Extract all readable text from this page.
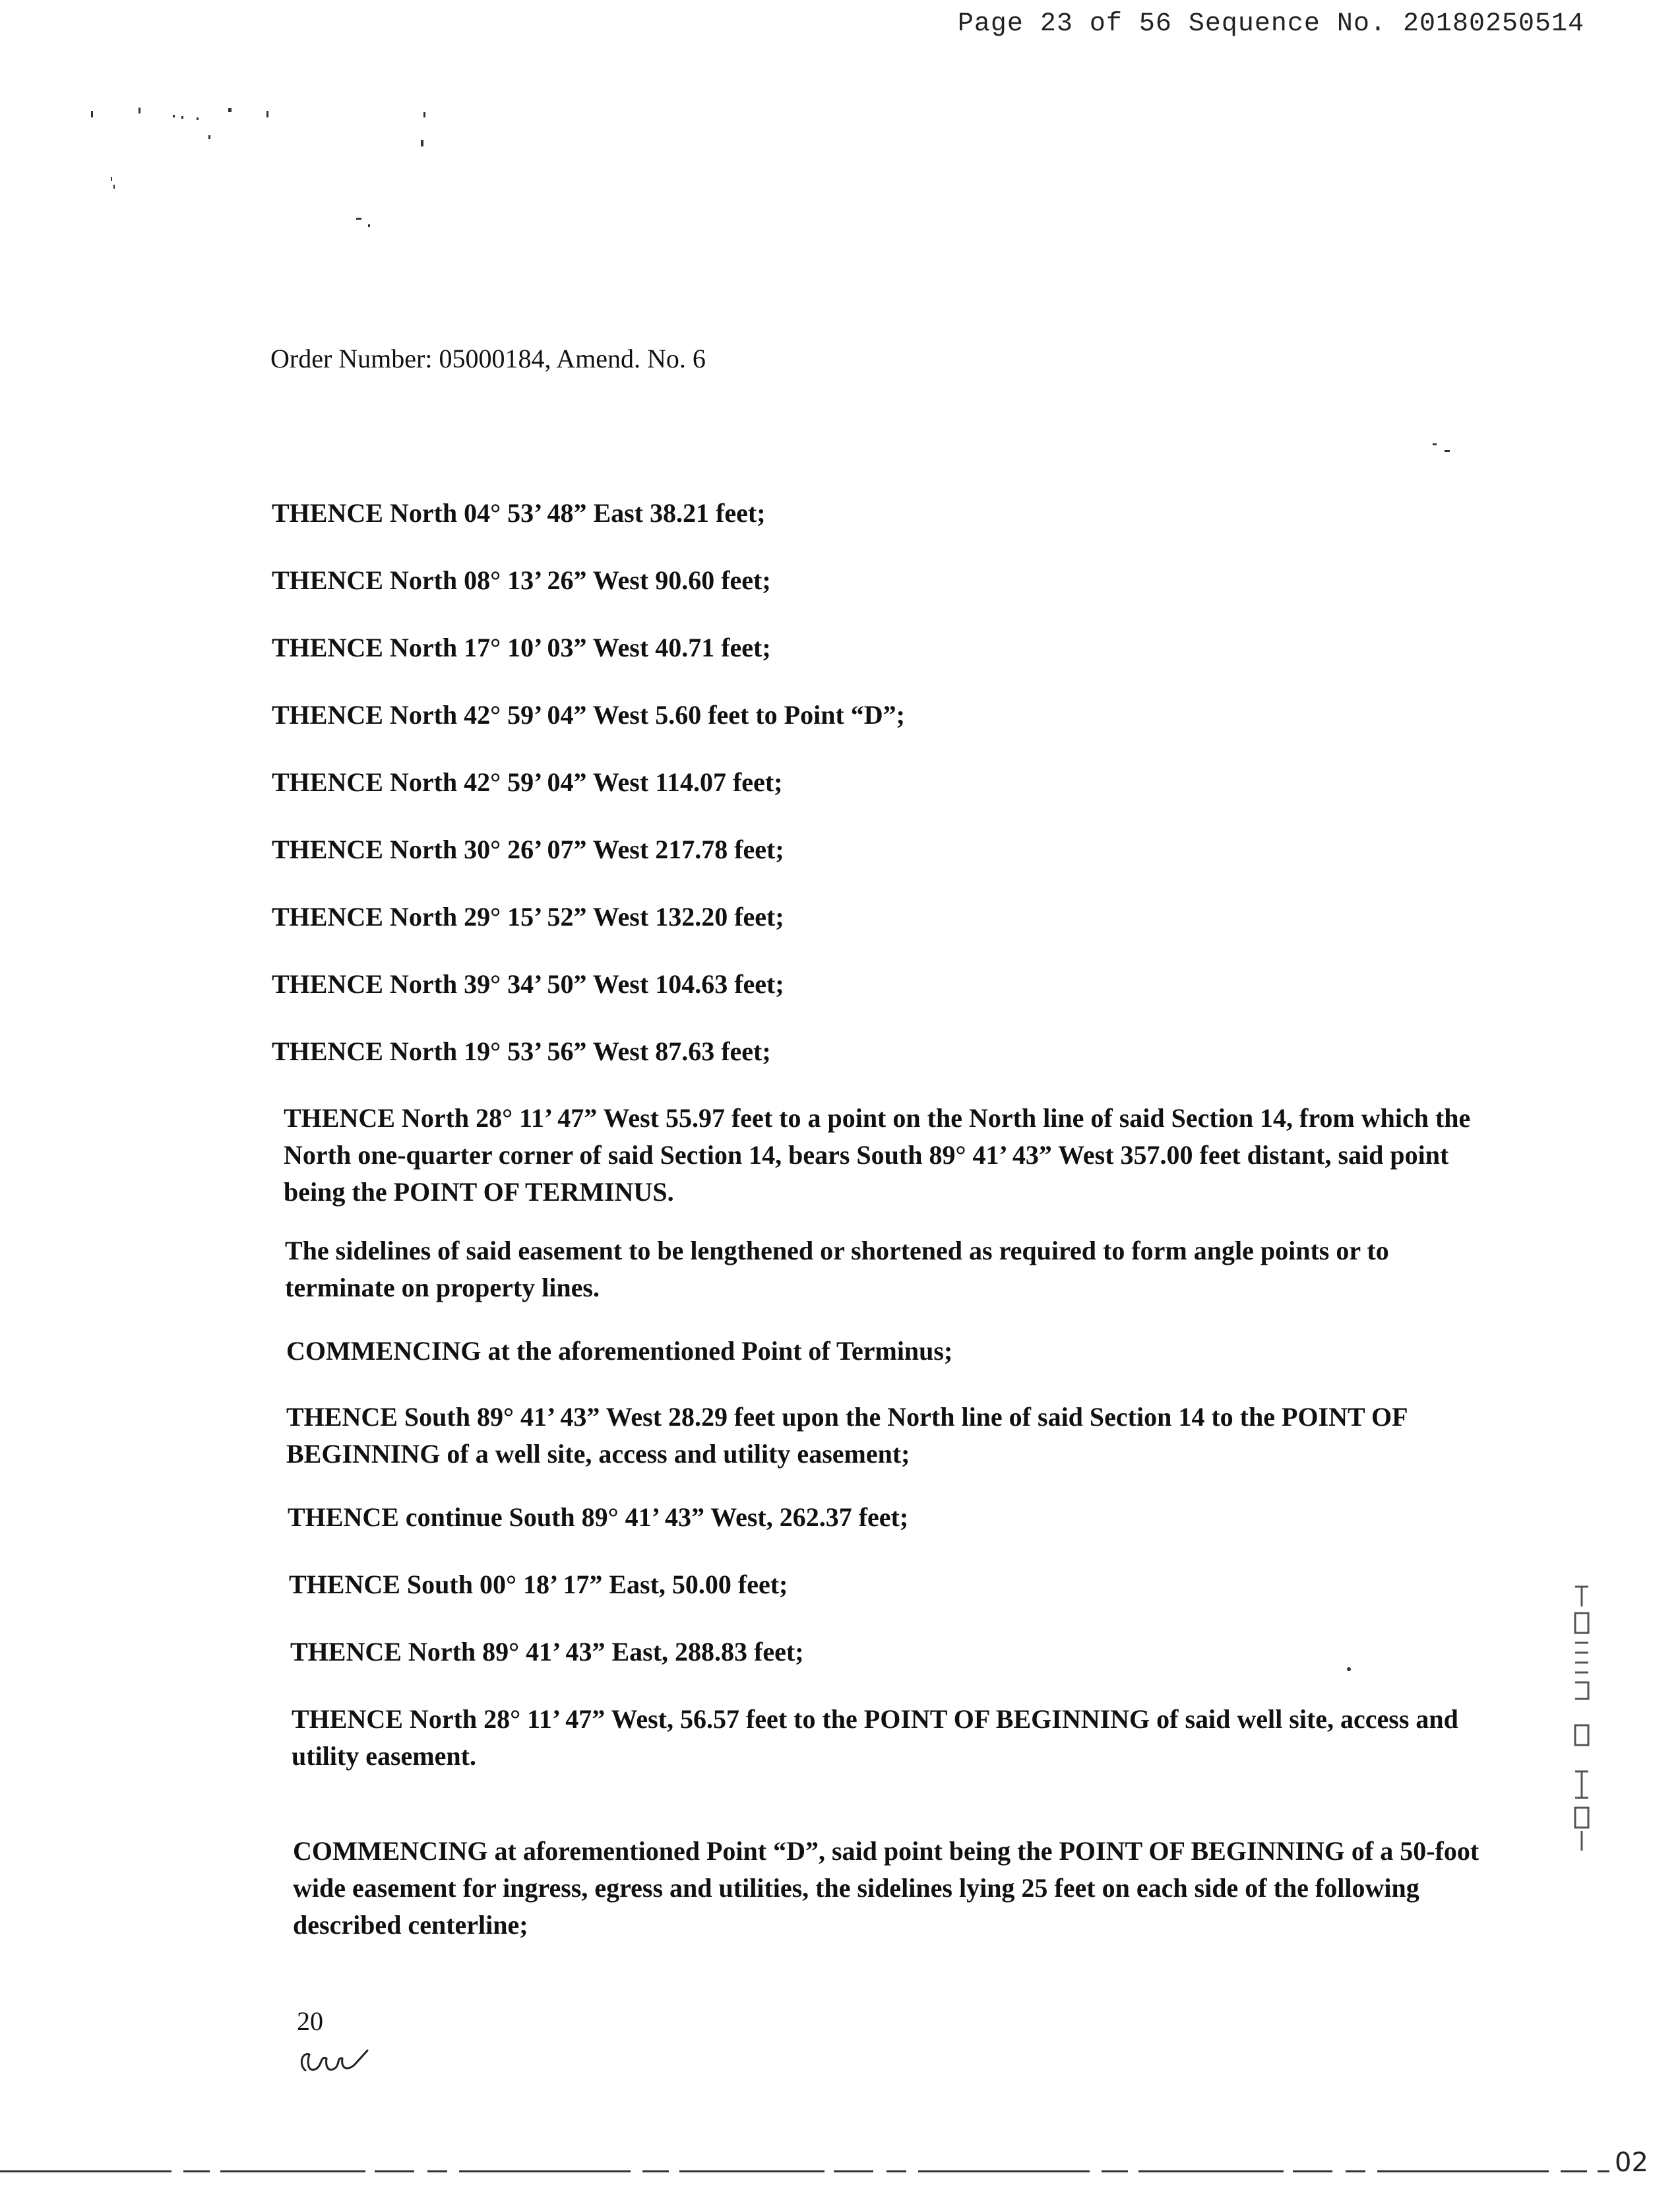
Page 23 of 56 Sequence No. 20180250514
Order Number: 05000184, Amend. No. 6
THENCE North 04° 53’ 48” East 38.21 feet;
THENCE North 08° 13’ 26” West 90.60 feet;
THENCE North 17° 10’ 03” West 40.71 feet;
THENCE North 42° 59’ 04” West 5.60 feet to Point “D”;
THENCE North 42° 59’ 04” West 114.07 feet;
THENCE North 30° 26’ 07” West 217.78 feet;
THENCE North 29° 15’ 52” West 132.20 feet;
THENCE North 39° 34’ 50” West 104.63 feet;
THENCE North 19° 53’ 56” West 87.63 feet;
THENCE North 28° 11’ 47” West 55.97 feet to a point on the North line of said Section 14, from which the North one-quarter corner of said Section 14, bears South 89° 41’ 43” West 357.00 feet distant, said point being the POINT OF TERMINUS.
The sidelines of said easement to be lengthened or shortened as required to form angle points or to terminate on property lines.
COMMENCING at the aforementioned Point of Terminus;
THENCE South 89° 41’ 43” West 28.29 feet upon the North line of said Section 14 to the POINT OF BEGINNING of a well site, access and utility easement;
THENCE continue South 89° 41’ 43” West, 262.37 feet;
THENCE South 00° 18’ 17” East, 50.00 feet;
THENCE North 89° 41’ 43” East, 288.83 feet;
THENCE North 28° 11’ 47” West, 56.57 feet to the POINT OF BEGINNING of said well site, access and utility easement.
COMMENCING at aforementioned Point “D”, said point being the POINT OF BEGINNING of a 50-foot wide easement for ingress, egress and utilities, the sidelines lying 25 feet on each side of the following described centerline;
20
02
